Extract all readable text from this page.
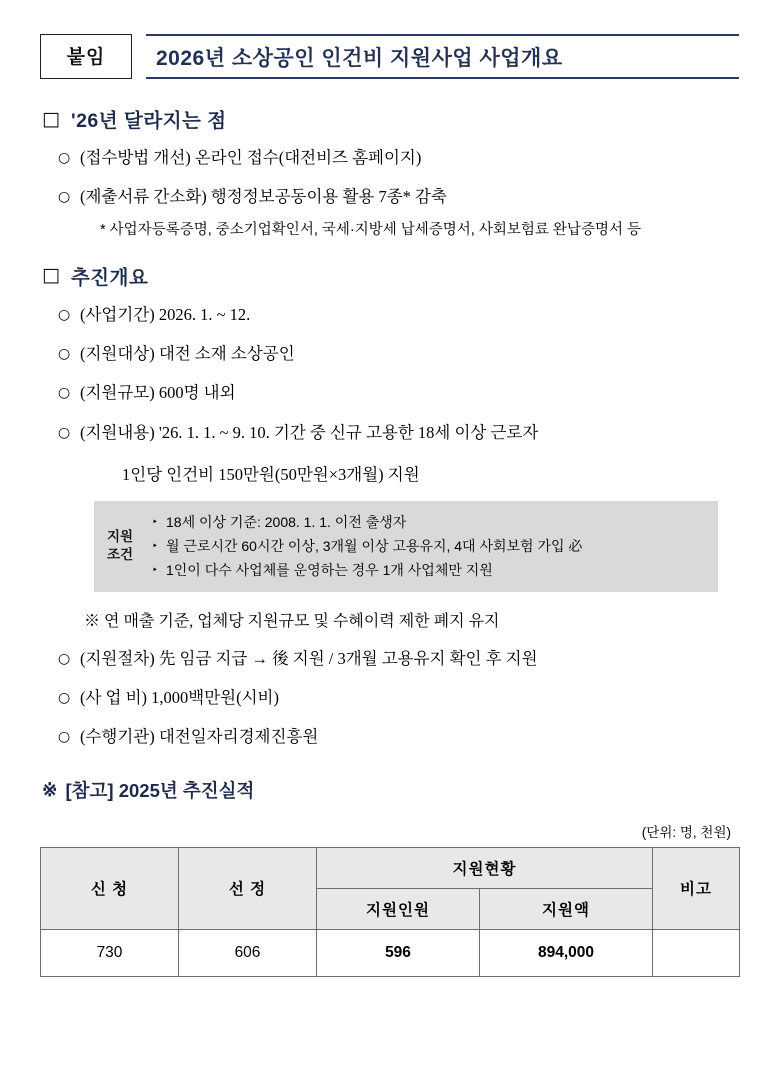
붙임	2026년 소상공인 인건비 지원사업 사업개요
□ '26년 달라지는 점
○ (접수방법 개선) 온라인 접수(대전비즈 홈페이지)
○ (제출서류 간소화) 행정정보공동이용 활용 7종* 감축
* 사업자등록증명, 중소기업확인서, 국세·지방세 납세증명서, 사회보험료 완납증명서 등
□ 추진개요
○ (사업기간) 2026. 1. ~ 12.
○ (지원대상) 대전 소재 소상공인
○ (지원규모) 600명 내외
○ (지원내용) '26. 1. 1. ~ 9. 10. 기간 중 신규 고용한 18세 이상 근로자
1인당 인건비 150만원(50만원×3개월) 지원
지원
조건
‣ 18세 이상 기준: 2008. 1. 1. 이전 출생자
‣ 월 근로시간 60시간 이상, 3개월 이상 고용유지, 4대 사회보험 가입 必
‣ 1인이 다수 사업체를 운영하는 경우 1개 사업체만 지원
※ 연 매출 기준, 업체당 지원규모 및 수혜이력 제한 폐지 유지
○ (지원절차) 先 임금 지급 → 後 지원 / 3개월 고용유지 확인 후 지원
○ (사 업 비) 1,000백만원(시비)
○ (수행기관) 대전일자리경제진흥원
※ [참고] 2025년 추진실적
(단위: 명, 천원)
신 청	선 정	지원현황		비고
		지원인원	지원액	
730	606	596	894,000	
